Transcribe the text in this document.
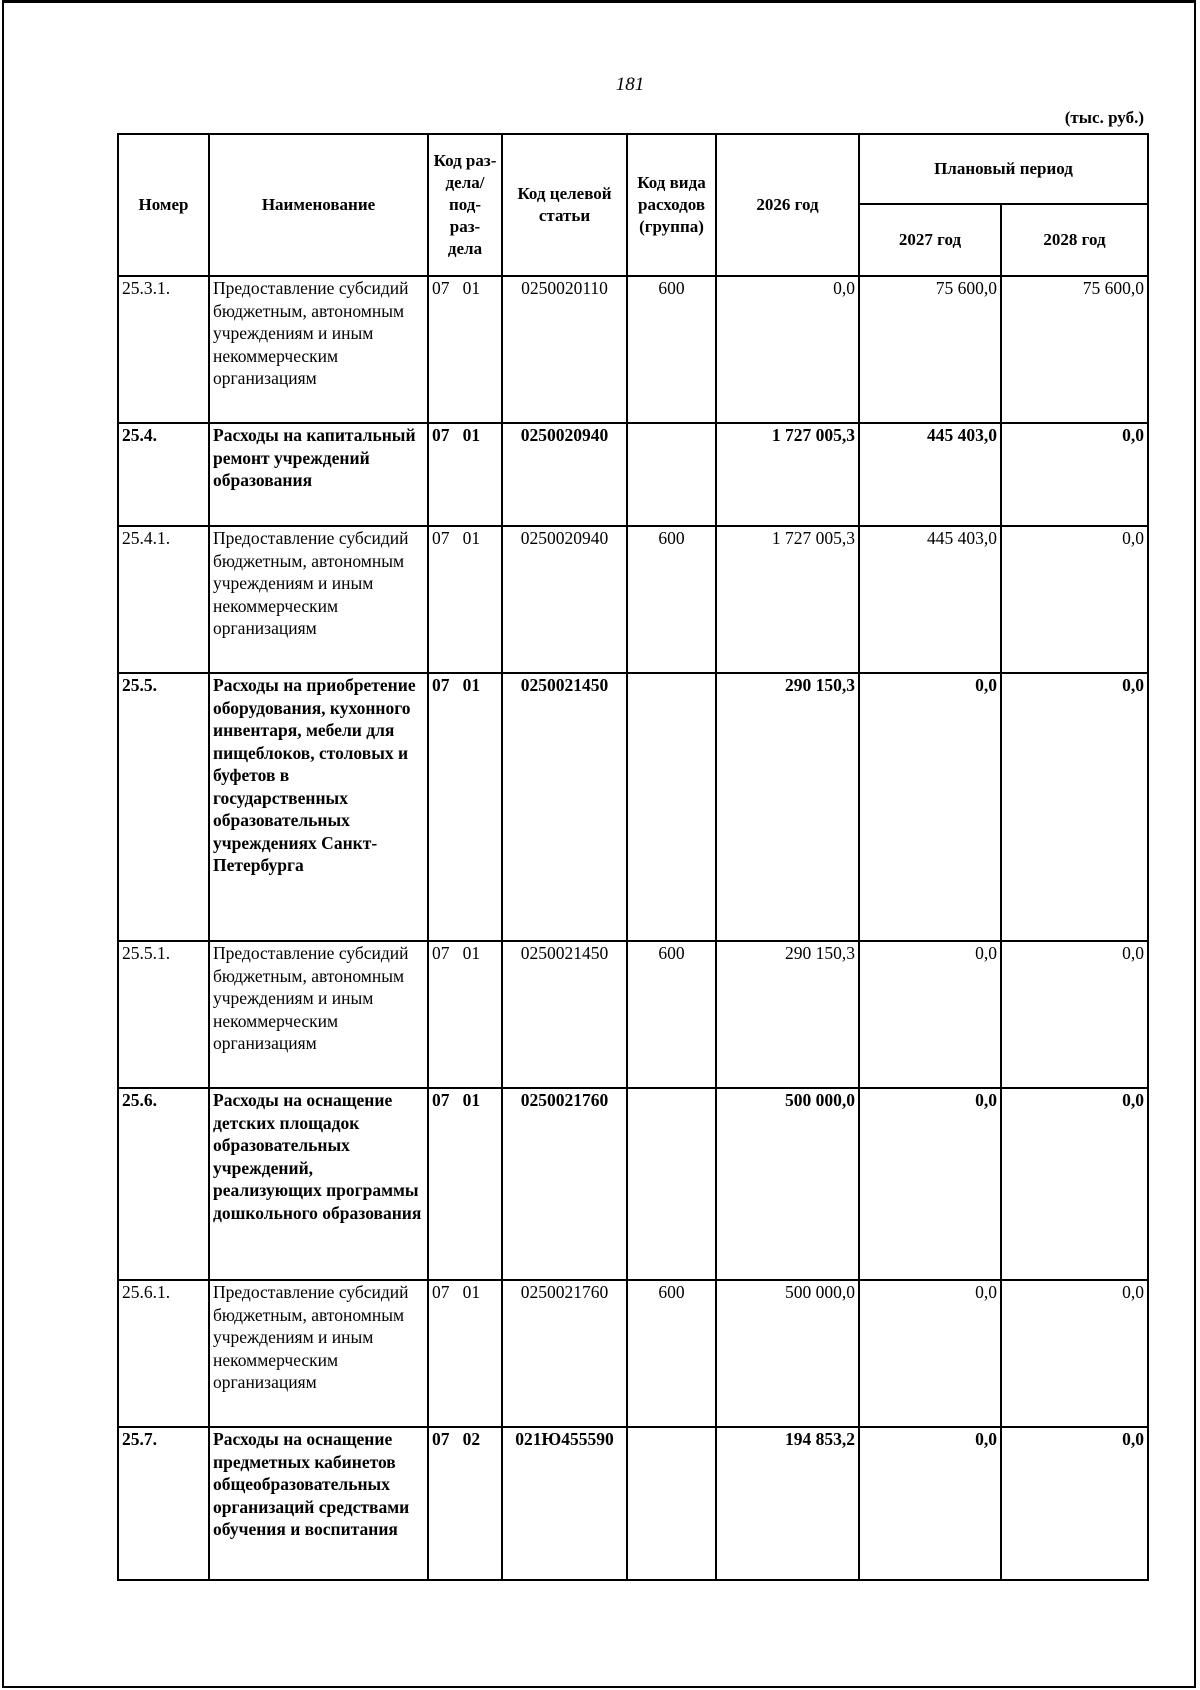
181
(тыс. руб.)
Номер	Наименование	Код раз- дела/ под- раз- дела	Код целевой статьи	Код вида расходов (группа)	2026 год	Плановый период	
						2027 год	2028 год
25.3.1.	Предоставление субсидий бюджетным, автономным учреждениям и иным некоммерческим организациям	07   01	0250020110	600	0,0	75 600,0	75 600,0
25.4.	Расходы на капитальный ремонт учреждений образования	07   01	0250020940		1 727 005,3	445 403,0	0,0
25.4.1.	Предоставление субсидий бюджетным, автономным учреждениям и иным некоммерческим организациям	07   01	0250020940	600	1 727 005,3	445 403,0	0,0
25.5.	Расходы на приобретение оборудования, кухонного инвентаря, мебели для пищеблоков, столовых и буфетов в государственных образовательных учреждениях Санкт-Петербурга	07   01	0250021450		290 150,3	0,0	0,0
25.5.1.	Предоставление субсидий бюджетным, автономным учреждениям и иным некоммерческим организациям	07   01	0250021450	600	290 150,3	0,0	0,0
25.6.	Расходы на оснащение детских площадок образовательных учреждений, реализующих программы дошкольного образования	07   01	0250021760		500 000,0	0,0	0,0
25.6.1.	Предоставление субсидий бюджетным, автономным учреждениям и иным некоммерческим организациям	07   01	0250021760	600	500 000,0	0,0	0,0
25.7.	Расходы на оснащение предметных кабинетов общеобразовательных организаций средствами обучения и воспитания	07   02	021Ю455590		194 853,2	0,0	0,0
